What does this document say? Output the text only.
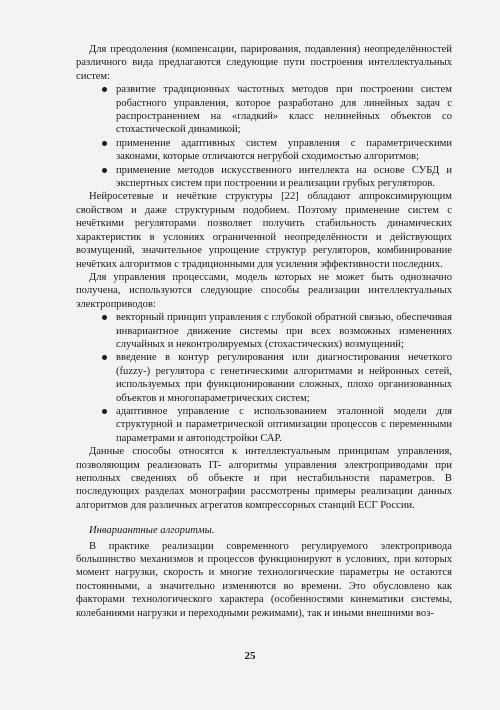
Для преодоления (компенсации, парирования, подавления) неопределённостей различного вида предлагаются следующие пути построения интеллектуальных систем:

развитие традиционных частотных методов при построении систем робастного управления, которое разработано для линейных задач с распространением на «гладкий» класс нелинейных объектов со стохастической динамикой;
применение адаптивных систем управления с параметрическими законами, которые отличаются негрубой сходимостью алгоритмов;
применение методов искусственного интеллекта на основе СУБД и экспертных систем при построении и реализации грубых регуляторов.

Нейросетевые и нечёткие структуры [22] обладают аппроксимирующим свойством и даже структурным подобием. Поэтому применение систем с нечёткими регуляторами позволяет получить стабильность динамических характеристик в условиях ограниченной неопределённости и действующих возмущений, значительное упрощение структур регуляторов, комбинирование нечётких алгоритмов с традиционными для усиления эффективности последних.

Для управления процессами, модель которых не может быть однозначно получена, используются следующие способы реализации интеллектуальных электроприводов:

векторный принцип управления с глубокой обратной связью, обеспечивая инвариантное движение системы при всех возможных изменениях случайных и неконтролируемых (стохастических) возмущений;
введение в контур регулирования или диагностирования нечеткого (fuzzy-) регулятора с генетическими алгоритмами и нейронных сетей, используемых при функционировании сложных, плохо организованных объектов и многопараметрических систем;
адаптивное управление с использованием эталонной модели для структурной и параметрической оптимизации процессов с переменными параметрами и автоподстройки САР.

Данные способы относятся к интеллектуальным принципам управления, позволяющим реализовать IT- алгоритмы управления электроприводами при неполных сведениях об объекте и при нестабильности параметров. В последующих разделах монографии рассмотрены примеры реализации данных алгоритмов для различных агрегатов компрессорных станций ЕСГ России.

Инвариантные алгоритмы.

В практике реализации современного регулируемого электропривода большинство механизмов и процессов функционируют в условиях, при которых момент нагрузки, скорость и многие технологические параметры не остаются постоянными, а значительно изменяются во времени. Это обусловлено как факторами технологического характера (особенностями кинематики системы, колебаниями нагрузки и переходными режимами), так и иными внешними воз-

25
